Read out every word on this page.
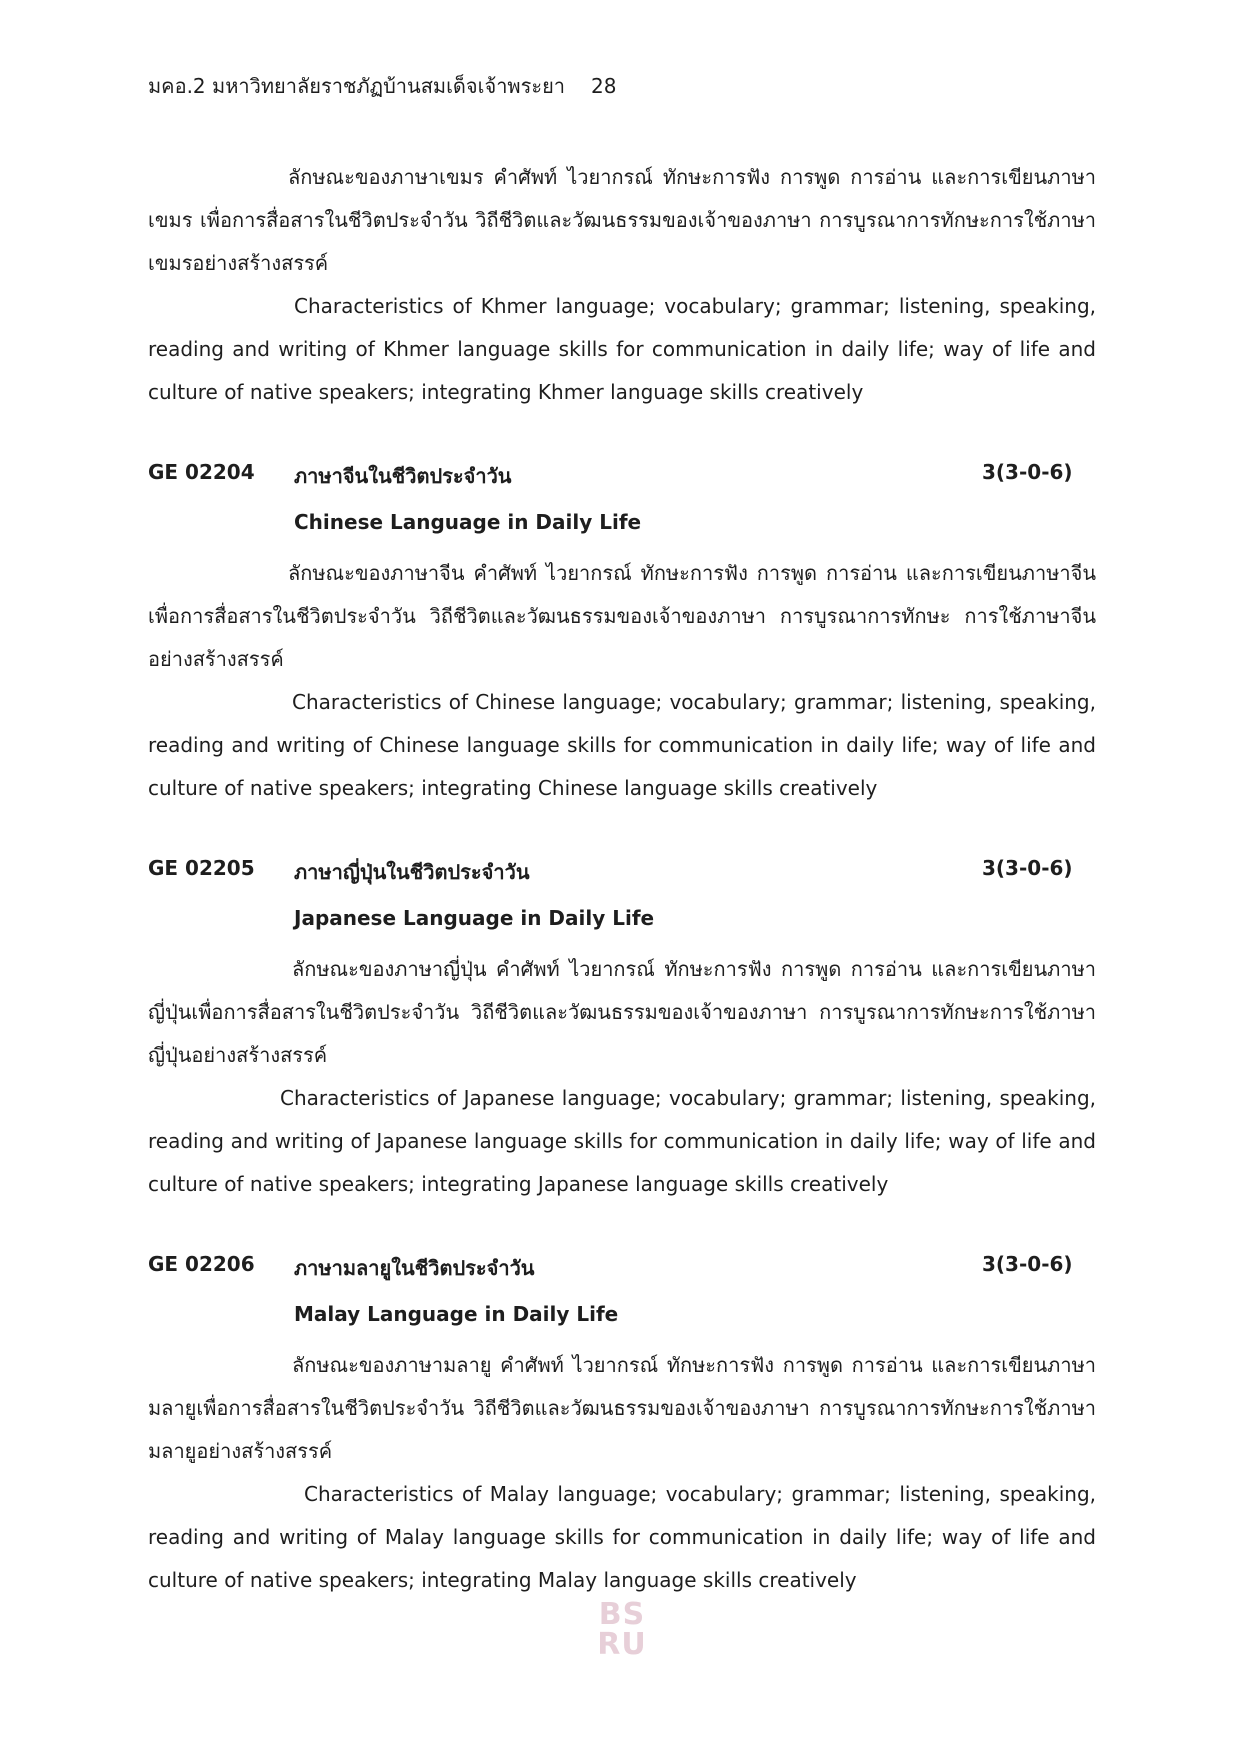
มคอ.2 มหาวิทยาลัยราชภัฏบ้านสมเด็จเจ้าพระยา 28
ลักษณะของภาษาเขมร คำศัพท์ ไวยากรณ์ ทักษะการฟัง การพูด การอ่าน และการเขียนภาษาเขมร เพื่อการสื่อสารในชีวิตประจำวัน วิถีชีวิตและวัฒนธรรมของเจ้าของภาษา การบูรณาการทักษะการใช้ภาษาเขมรอย่างสร้างสรรค์
Characteristics of Khmer language; vocabulary; grammar; listening, speaking, reading and writing of Khmer language skills for communication in daily life; way of life and culture of native speakers; integrating Khmer language skills creatively
GE 02204 ภาษาจีนในชีวิตประจำวัน	3(3-0-6)
Chinese Language in Daily Life
ลักษณะของภาษาจีน คำศัพท์ ไวยากรณ์ ทักษะการฟัง การพูด การอ่าน และการเขียนภาษาจีนเพื่อการสื่อสารในชีวิตประจำวัน วิถีชีวิตและวัฒนธรรมของเจ้าของภาษา การบูรณาการทักษะ การใช้ภาษาจีนอย่างสร้างสรรค์
Characteristics of Chinese language; vocabulary; grammar; listening, speaking, reading and writing of Chinese language skills for communication in daily life; way of life and culture of native speakers; integrating Chinese language skills creatively
GE 02205 ภาษาญี่ปุ่นในชีวิตประจำวัน	3(3-0-6)
Japanese Language in Daily Life
ลักษณะของภาษาญี่ปุ่น คำศัพท์ ไวยากรณ์ ทักษะการฟัง การพูด การอ่าน และการเขียนภาษาญี่ปุ่นเพื่อการสื่อสารในชีวิตประจำวัน วิถีชีวิตและวัฒนธรรมของเจ้าของภาษา การบูรณาการทักษะการใช้ภาษาญี่ปุ่นอย่างสร้างสรรค์
Characteristics of Japanese language; vocabulary; grammar; listening, speaking, reading and writing of Japanese language skills for communication in daily life; way of life and culture of native speakers; integrating Japanese language skills creatively
GE 02206 ภาษามลายูในชีวิตประจำวัน	3(3-0-6)
Malay Language in Daily Life
ลักษณะของภาษามลายู คำศัพท์ ไวยากรณ์ ทักษะการฟัง การพูด การอ่าน และการเขียนภาษามลายูเพื่อการสื่อสารในชีวิตประจำวัน วิถีชีวิตและวัฒนธรรมของเจ้าของภาษา การบูรณาการทักษะการใช้ภาษามลายูอย่างสร้างสรรค์
Characteristics of Malay language; vocabulary; grammar; listening, speaking, reading and writing of Malay language skills for communication in daily life; way of life and culture of native speakers; integrating Malay language skills creatively
BS
RU
